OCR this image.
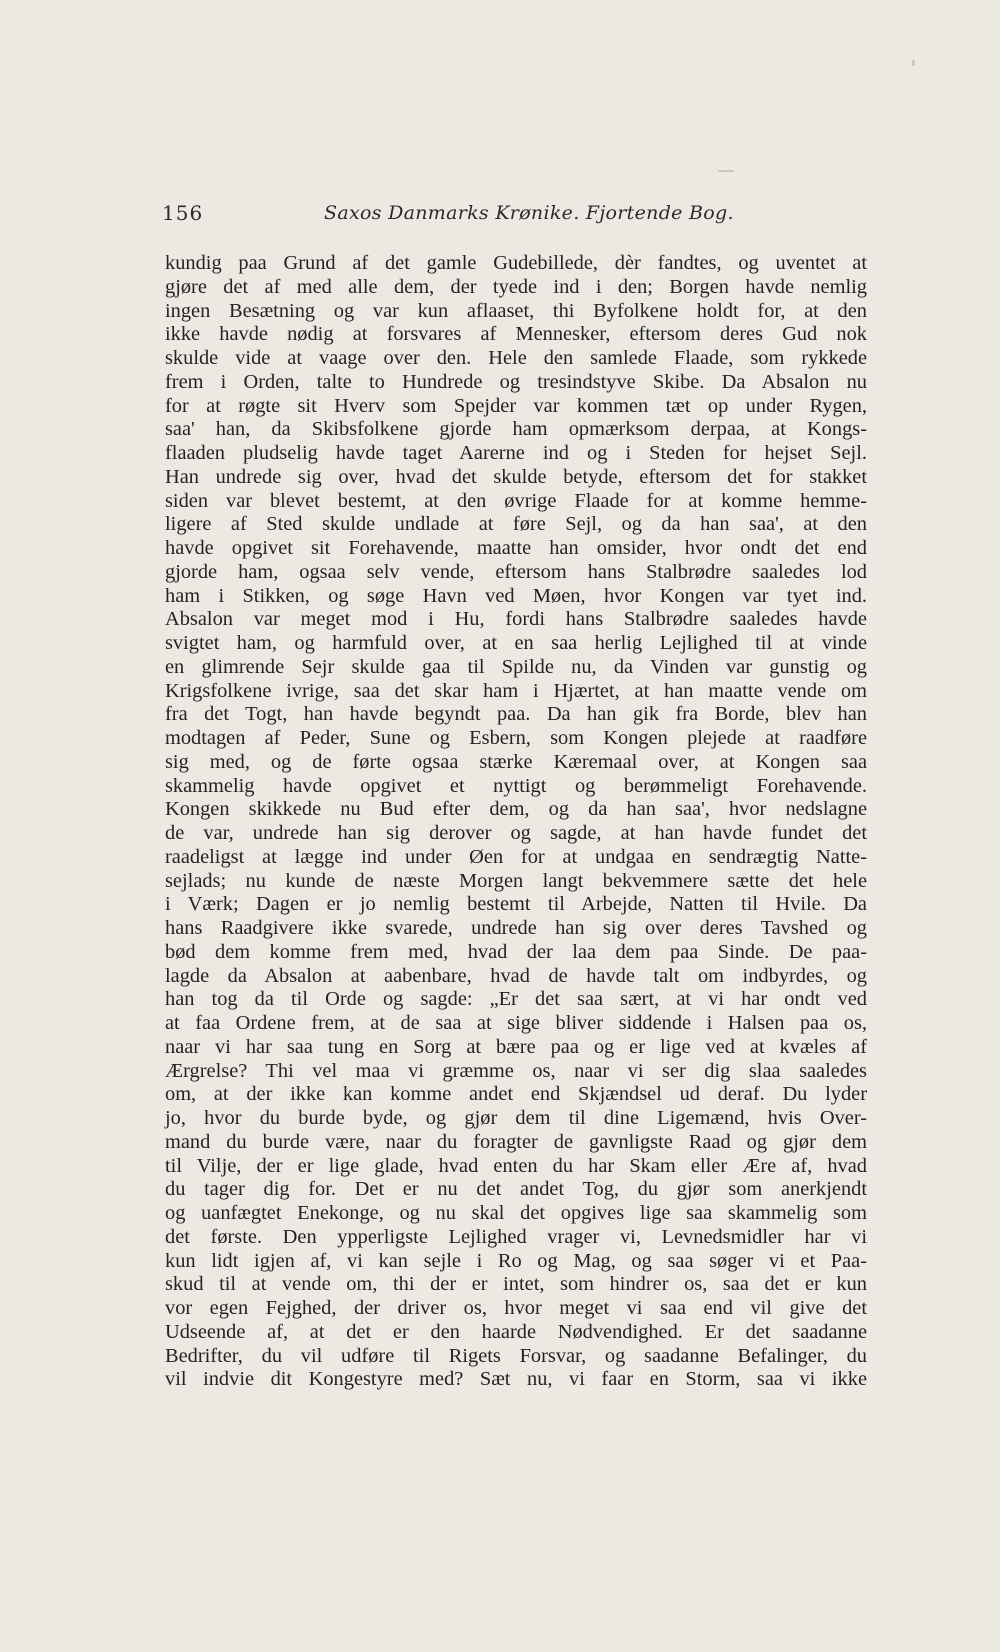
156	Saxos Danmarks Krønike. Fjortende Bog.
kundig paa Grund af det gamle Gudebillede, dèr fandtes, og uventet at
gjøre det af med alle dem, der tyede ind i den; Borgen havde nemlig
ingen Besætning og var kun aflaaset, thi Byfolkene holdt for, at den
ikke havde nødig at forsvares af Mennesker, eftersom deres Gud nok
skulde vide at vaage over den. Hele den samlede Flaade, som rykkede
frem i Orden, talte to Hundrede og tresindstyve Skibe. Da Absalon nu
for at røgte sit Hverv som Spejder var kommen tæt op under Rygen,
saa' han, da Skibsfolkene gjorde ham opmærksom derpaa, at Kongs-
flaaden pludselig havde taget Aarerne ind og i Steden for hejset Sejl.
Han undrede sig over, hvad det skulde betyde, eftersom det for stakket
siden var blevet bestemt, at den øvrige Flaade for at komme hemme-
ligere af Sted skulde undlade at føre Sejl, og da han saa', at den
havde opgivet sit Forehavende, maatte han omsider, hvor ondt det end
gjorde ham, ogsaa selv vende, eftersom hans Stalbrødre saaledes lod
ham i Stikken, og søge Havn ved Møen, hvor Kongen var tyet ind.
Absalon var meget mod i Hu, fordi hans Stalbrødre saaledes havde
svigtet ham, og harmfuld over, at en saa herlig Lejlighed til at vinde
en glimrende Sejr skulde gaa til Spilde nu, da Vinden var gunstig og
Krigsfolkene ivrige, saa det skar ham i Hjærtet, at han maatte vende om
fra det Togt, han havde begyndt paa. Da han gik fra Borde, blev han
modtagen af Peder, Sune og Esbern, som Kongen plejede at raadføre
sig med, og de førte ogsaa stærke Kæremaal over, at Kongen saa
skammelig havde opgivet et nyttigt og berømmeligt Forehavende.
Kongen skikkede nu Bud efter dem, og da han saa', hvor nedslagne
de var, undrede han sig derover og sagde, at han havde fundet det
raadeligst at lægge ind under Øen for at undgaa en sendrægtig Natte-
sejlads; nu kunde de næste Morgen langt bekvemmere sætte det hele
i Værk; Dagen er jo nemlig bestemt til Arbejde, Natten til Hvile. Da
hans Raadgivere ikke svarede, undrede han sig over deres Tavshed og
bød dem komme frem med, hvad der laa dem paa Sinde. De paa-
lagde da Absalon at aabenbare, hvad de havde talt om indbyrdes, og
han tog da til Orde og sagde: „Er det saa sært, at vi har ondt ved
at faa Ordene frem, at de saa at sige bliver siddende i Halsen paa os,
naar vi har saa tung en Sorg at bære paa og er lige ved at kvæles af
Ærgrelse? Thi vel maa vi græmme os, naar vi ser dig slaa saaledes
om, at der ikke kan komme andet end Skjændsel ud deraf. Du lyder
jo, hvor du burde byde, og gjør dem til dine Ligemænd, hvis Over-
mand du burde være, naar du foragter de gavnligste Raad og gjør dem
til Vilje, der er lige glade, hvad enten du har Skam eller Ære af, hvad
du tager dig for. Det er nu det andet Tog, du gjør som anerkjendt
og uanfægtet Enekonge, og nu skal det opgives lige saa skammelig som
det første. Den ypperligste Lejlighed vrager vi, Levnedsmidler har vi
kun lidt igjen af, vi kan sejle i Ro og Mag, og saa søger vi et Paa-
skud til at vende om, thi der er intet, som hindrer os, saa det er kun
vor egen Fejghed, der driver os, hvor meget vi saa end vil give det
Udseende af, at det er den haarde Nødvendighed. Er det saadanne
Bedrifter, du vil udføre til Rigets Forsvar, og saadanne Befalinger, du
vil indvie dit Kongestyre med? Sæt nu, vi faar en Storm, saa vi ikke
